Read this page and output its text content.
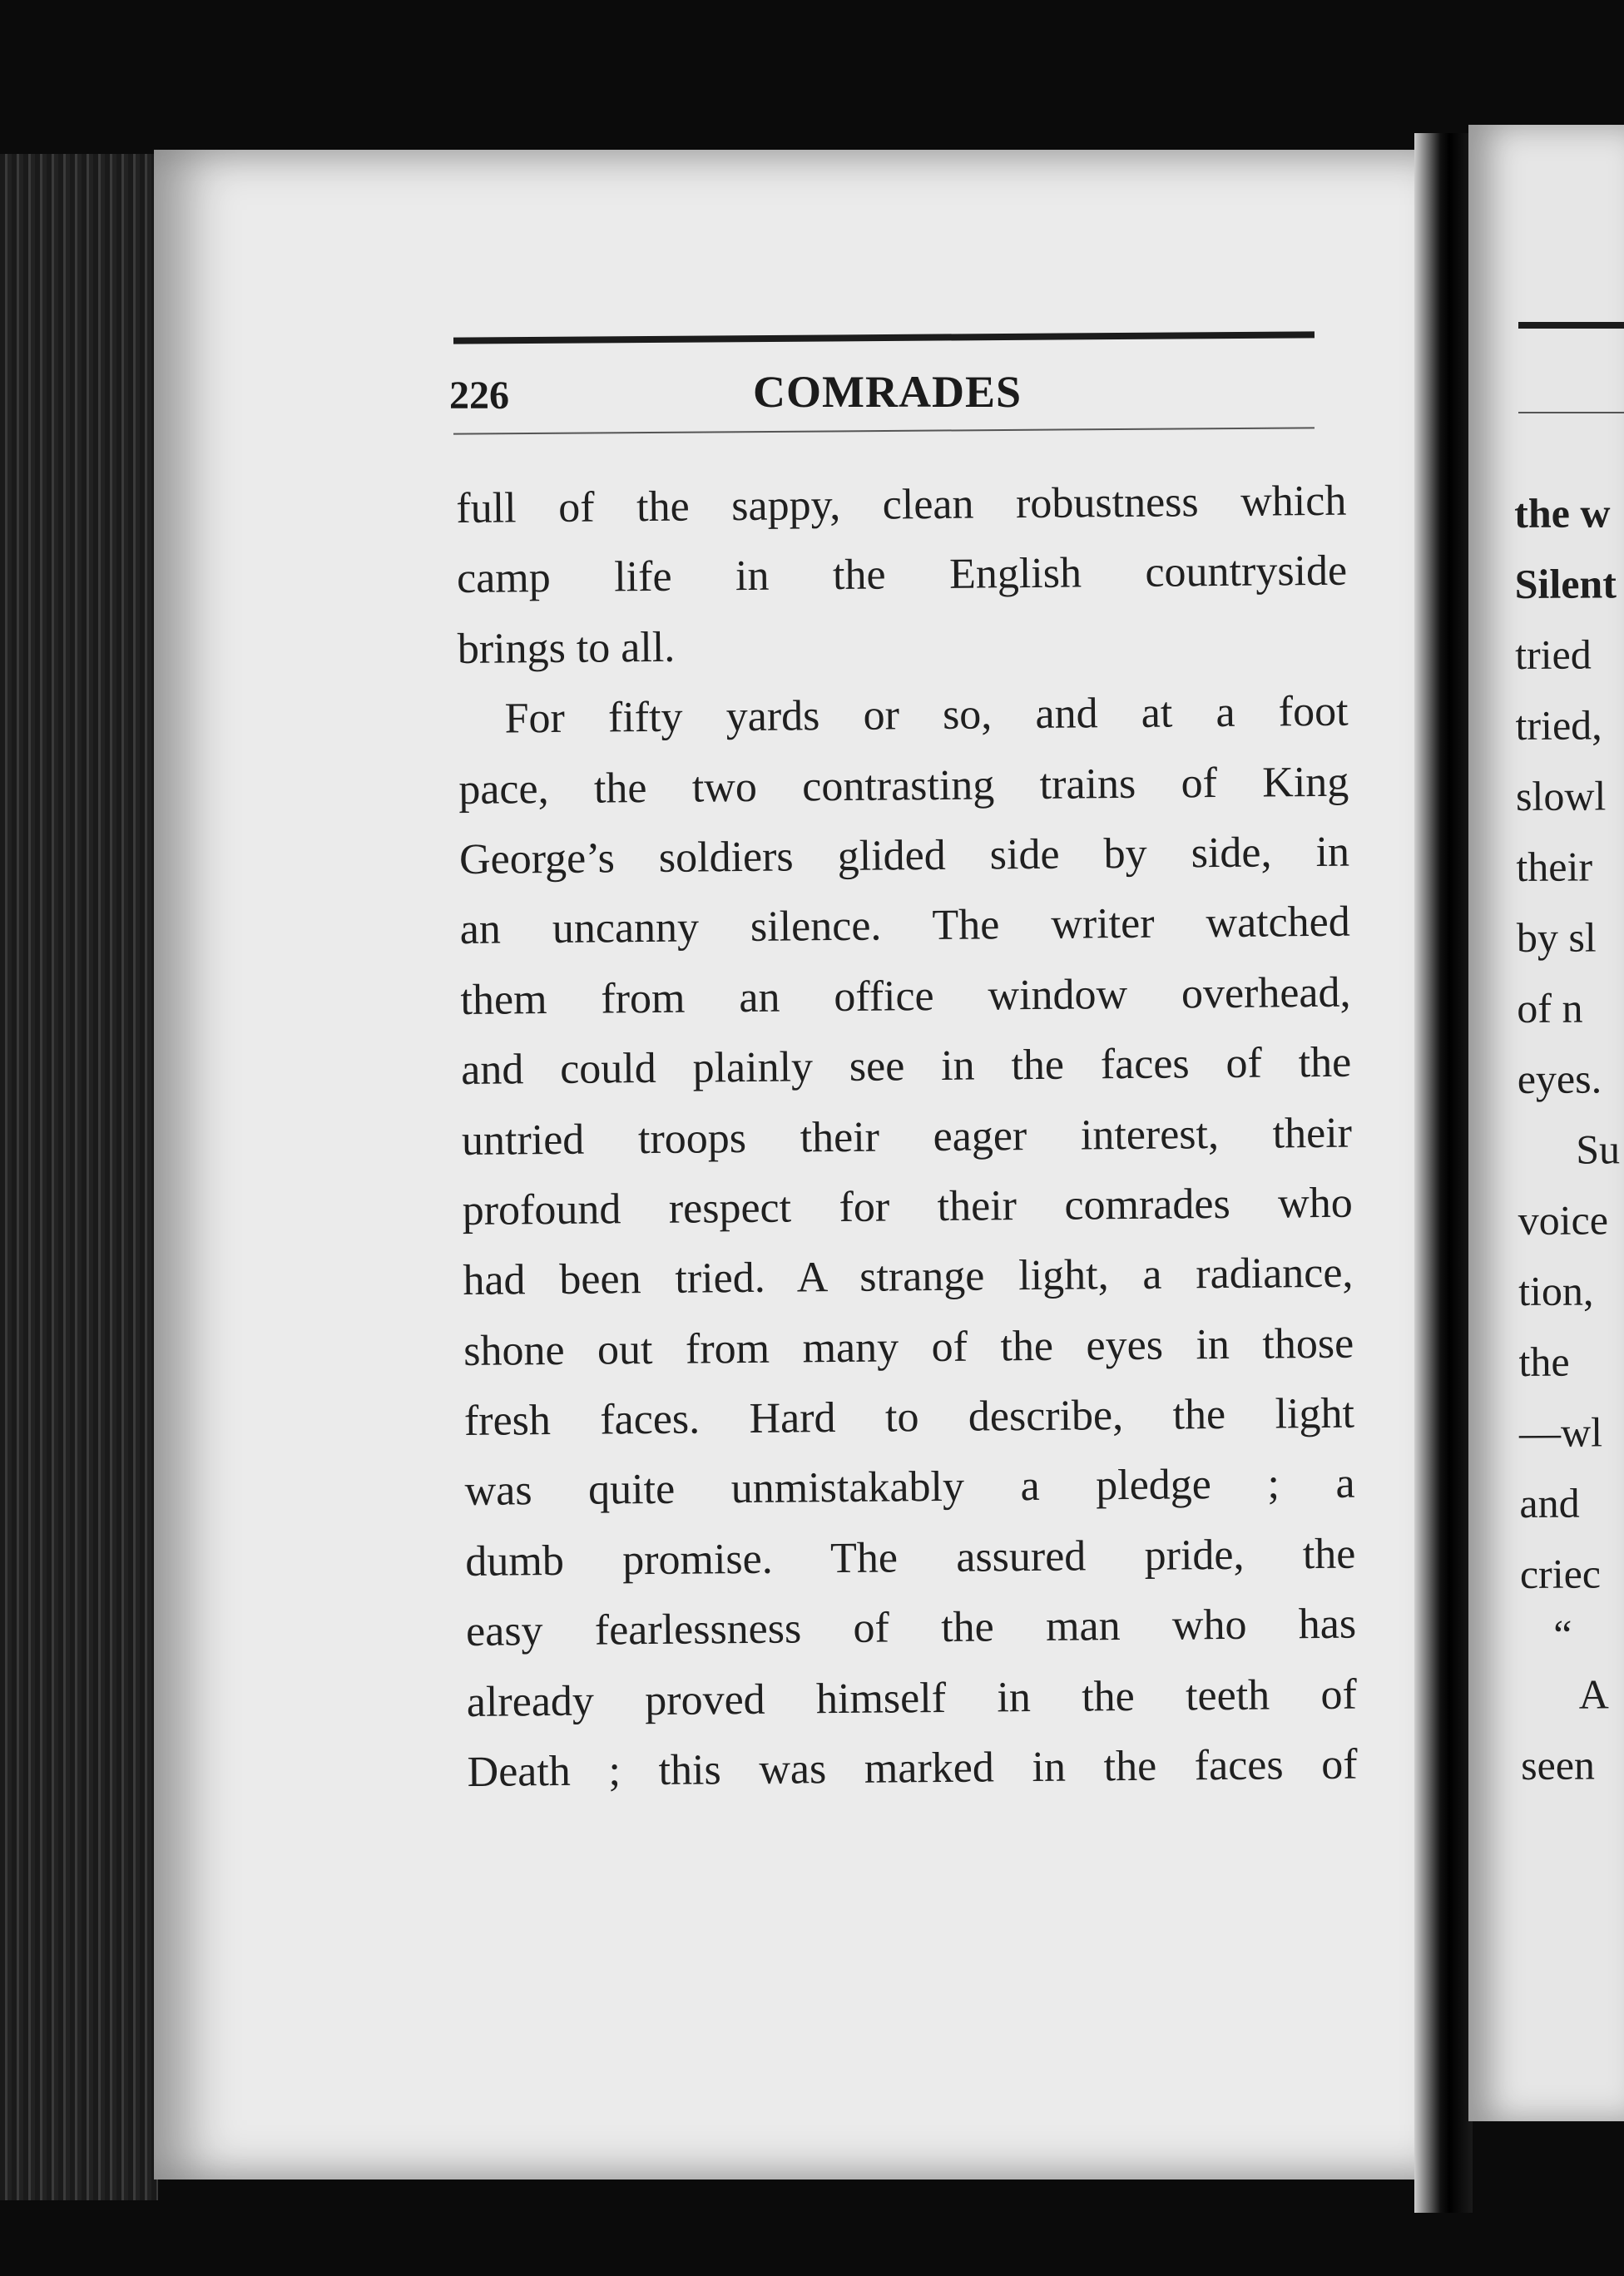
226	COMRADES
full of the sappy, clean robustness which
camp life in the English countryside
brings to all.
For fifty yards or so, and at a foot
pace, the two contrasting trains of King
George’s soldiers glided side by side, in
an uncanny silence. The writer watched
them from an office window overhead,
and could plainly see in the faces of the
untried troops their eager interest, their
profound respect for their comrades who
had been tried. A strange light, a radiance,
shone out from many of the eyes in those
fresh faces. Hard to describe, the light
was quite unmistakably a pledge ; a
dumb promise. The assured pride, the
easy fearlessness of the man who has
already proved himself in the teeth of
Death ; this was marked in the faces of
the w
Silent
tried
tried,
slowl
their
by sl
of n
eyes.
Su
voice
tion,
the
—wl
and
criec
“
A
seen
